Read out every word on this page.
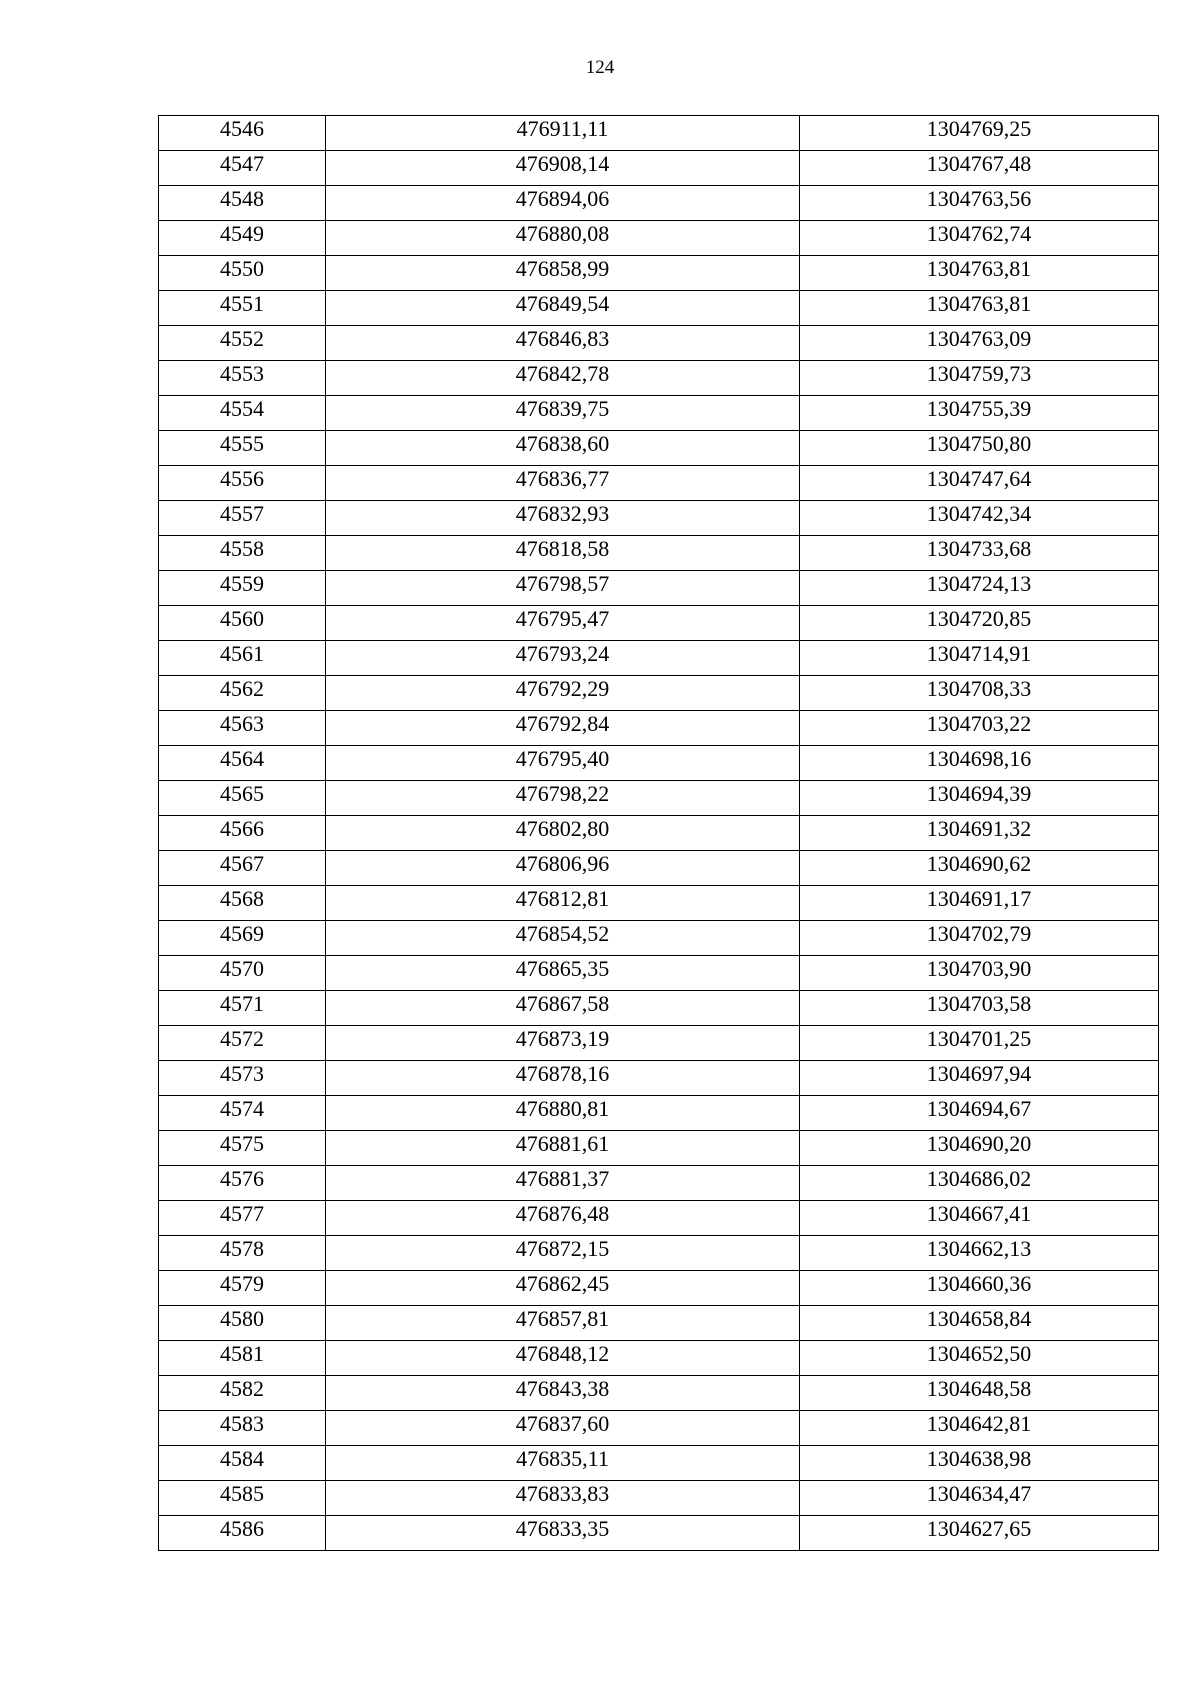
124
4546	476911,11	1304769,25
4547	476908,14	1304767,48
4548	476894,06	1304763,56
4549	476880,08	1304762,74
4550	476858,99	1304763,81
4551	476849,54	1304763,81
4552	476846,83	1304763,09
4553	476842,78	1304759,73
4554	476839,75	1304755,39
4555	476838,60	1304750,80
4556	476836,77	1304747,64
4557	476832,93	1304742,34
4558	476818,58	1304733,68
4559	476798,57	1304724,13
4560	476795,47	1304720,85
4561	476793,24	1304714,91
4562	476792,29	1304708,33
4563	476792,84	1304703,22
4564	476795,40	1304698,16
4565	476798,22	1304694,39
4566	476802,80	1304691,32
4567	476806,96	1304690,62
4568	476812,81	1304691,17
4569	476854,52	1304702,79
4570	476865,35	1304703,90
4571	476867,58	1304703,58
4572	476873,19	1304701,25
4573	476878,16	1304697,94
4574	476880,81	1304694,67
4575	476881,61	1304690,20
4576	476881,37	1304686,02
4577	476876,48	1304667,41
4578	476872,15	1304662,13
4579	476862,45	1304660,36
4580	476857,81	1304658,84
4581	476848,12	1304652,50
4582	476843,38	1304648,58
4583	476837,60	1304642,81
4584	476835,11	1304638,98
4585	476833,83	1304634,47
4586	476833,35	1304627,65
